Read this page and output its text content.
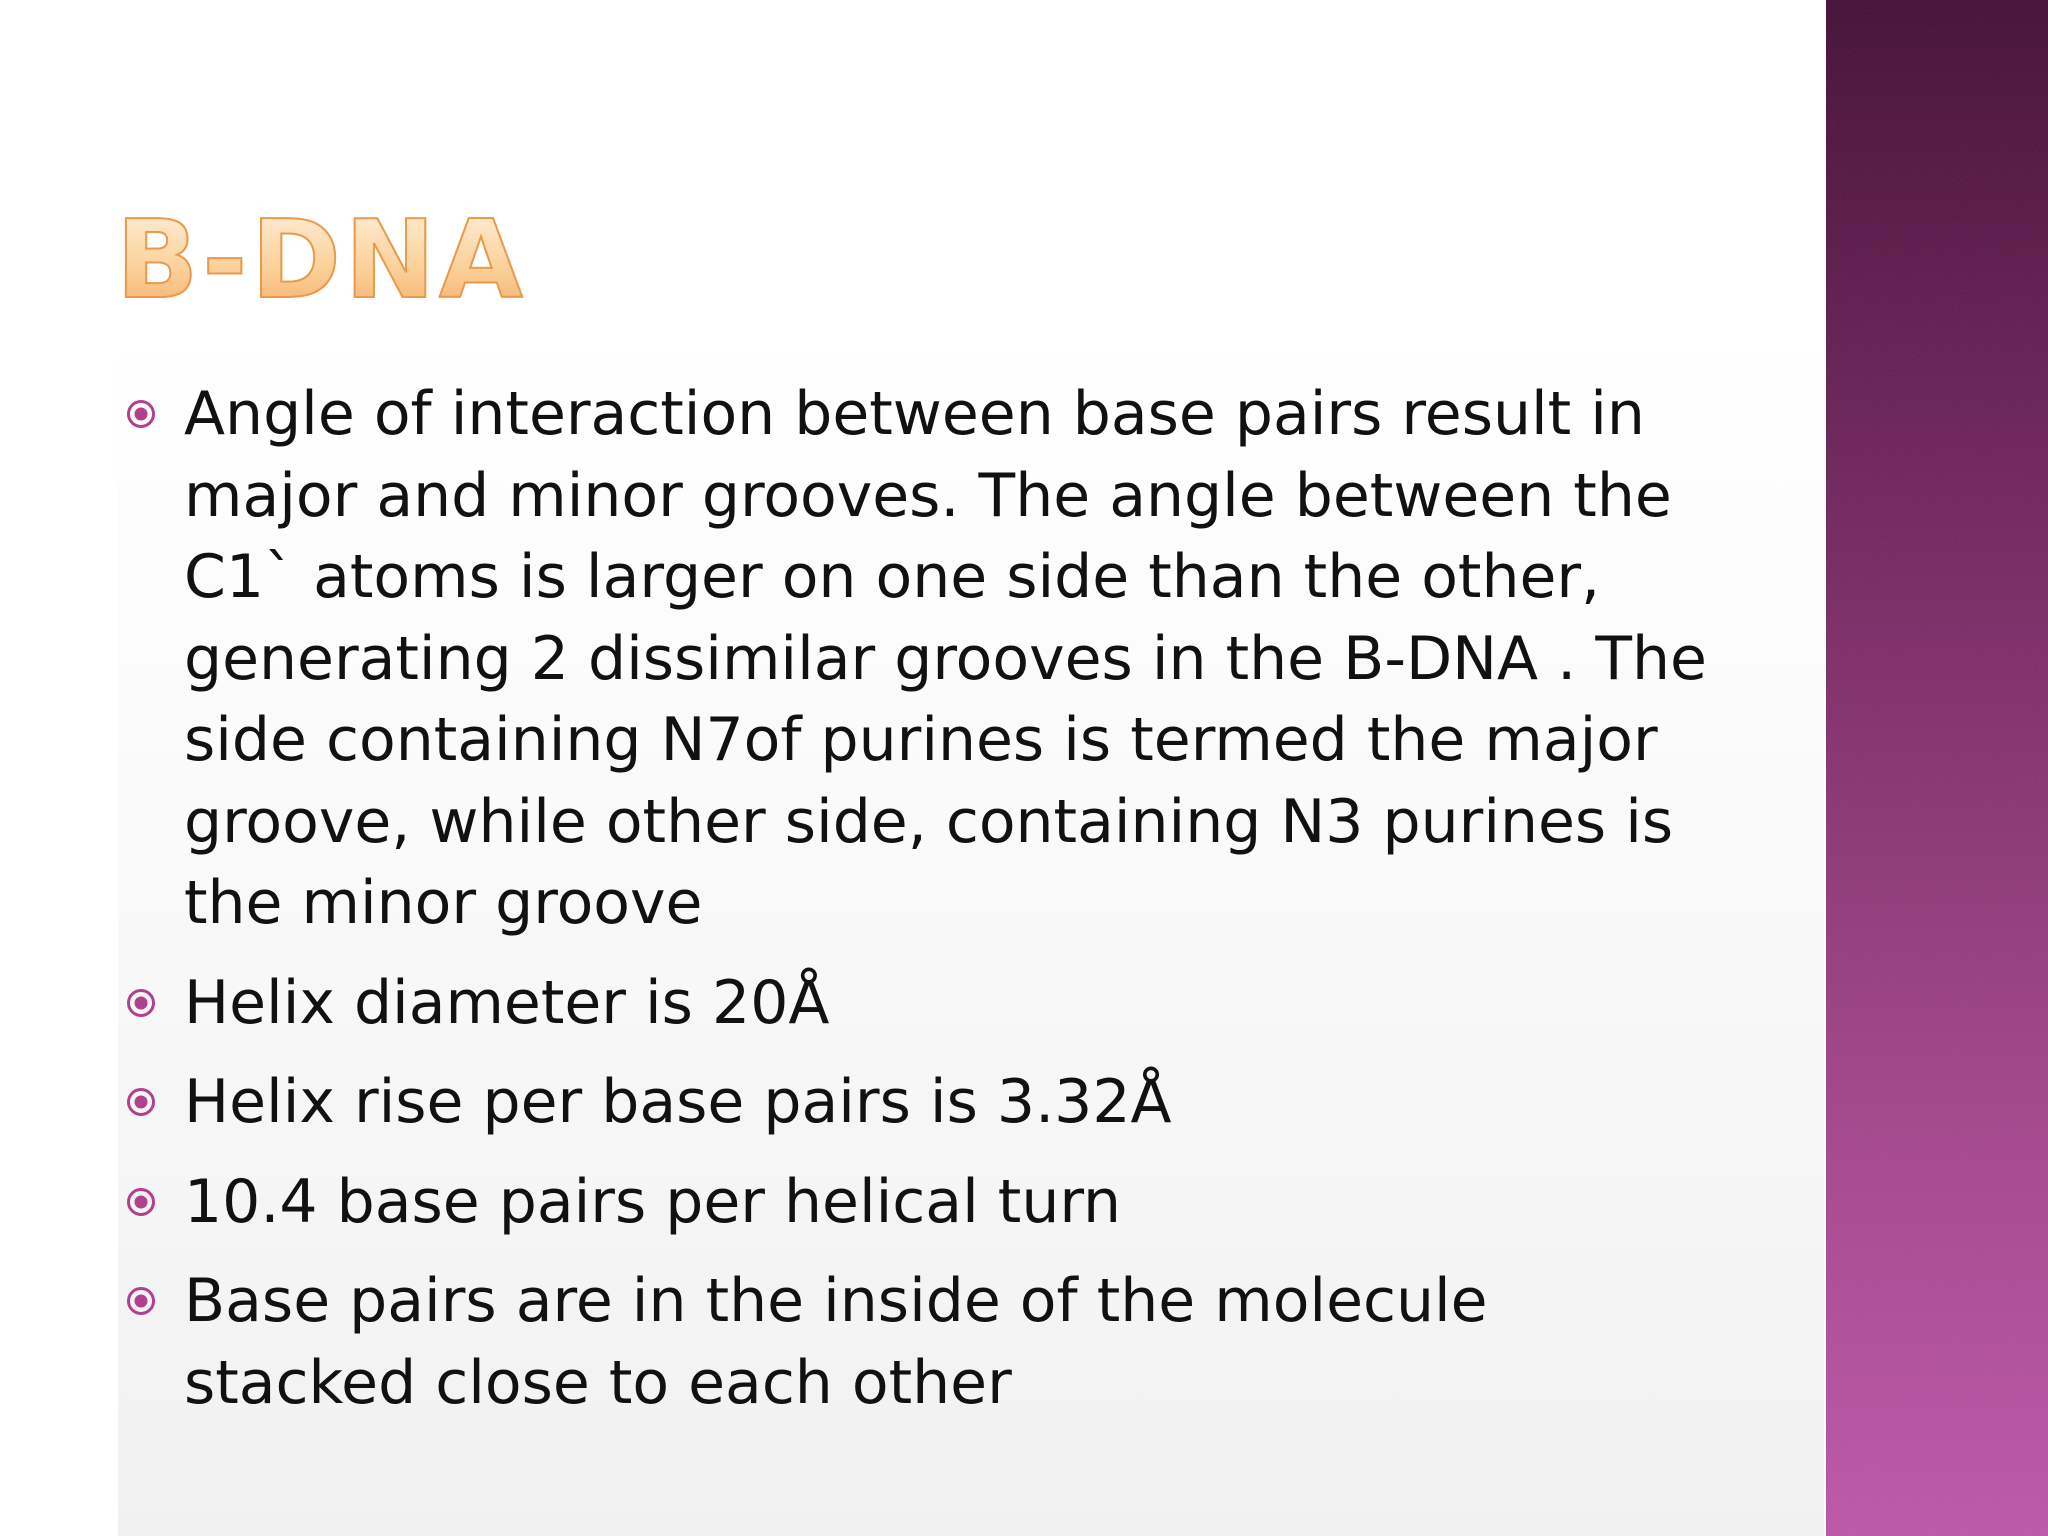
B-DNA
Angle of interaction between base pairs result in major and minor grooves. The angle between the C1` atoms is larger on one side than the other, generating 2 dissimilar grooves in the B-DNA . The side containing N7of purines is termed the major groove, while other side, containing N3 purines is the minor groove
Helix diameter is 20Å
Helix rise per base pairs is 3.32Å
10.4 base pairs per helical turn
Base pairs are in the inside of the molecule stacked close to each other
